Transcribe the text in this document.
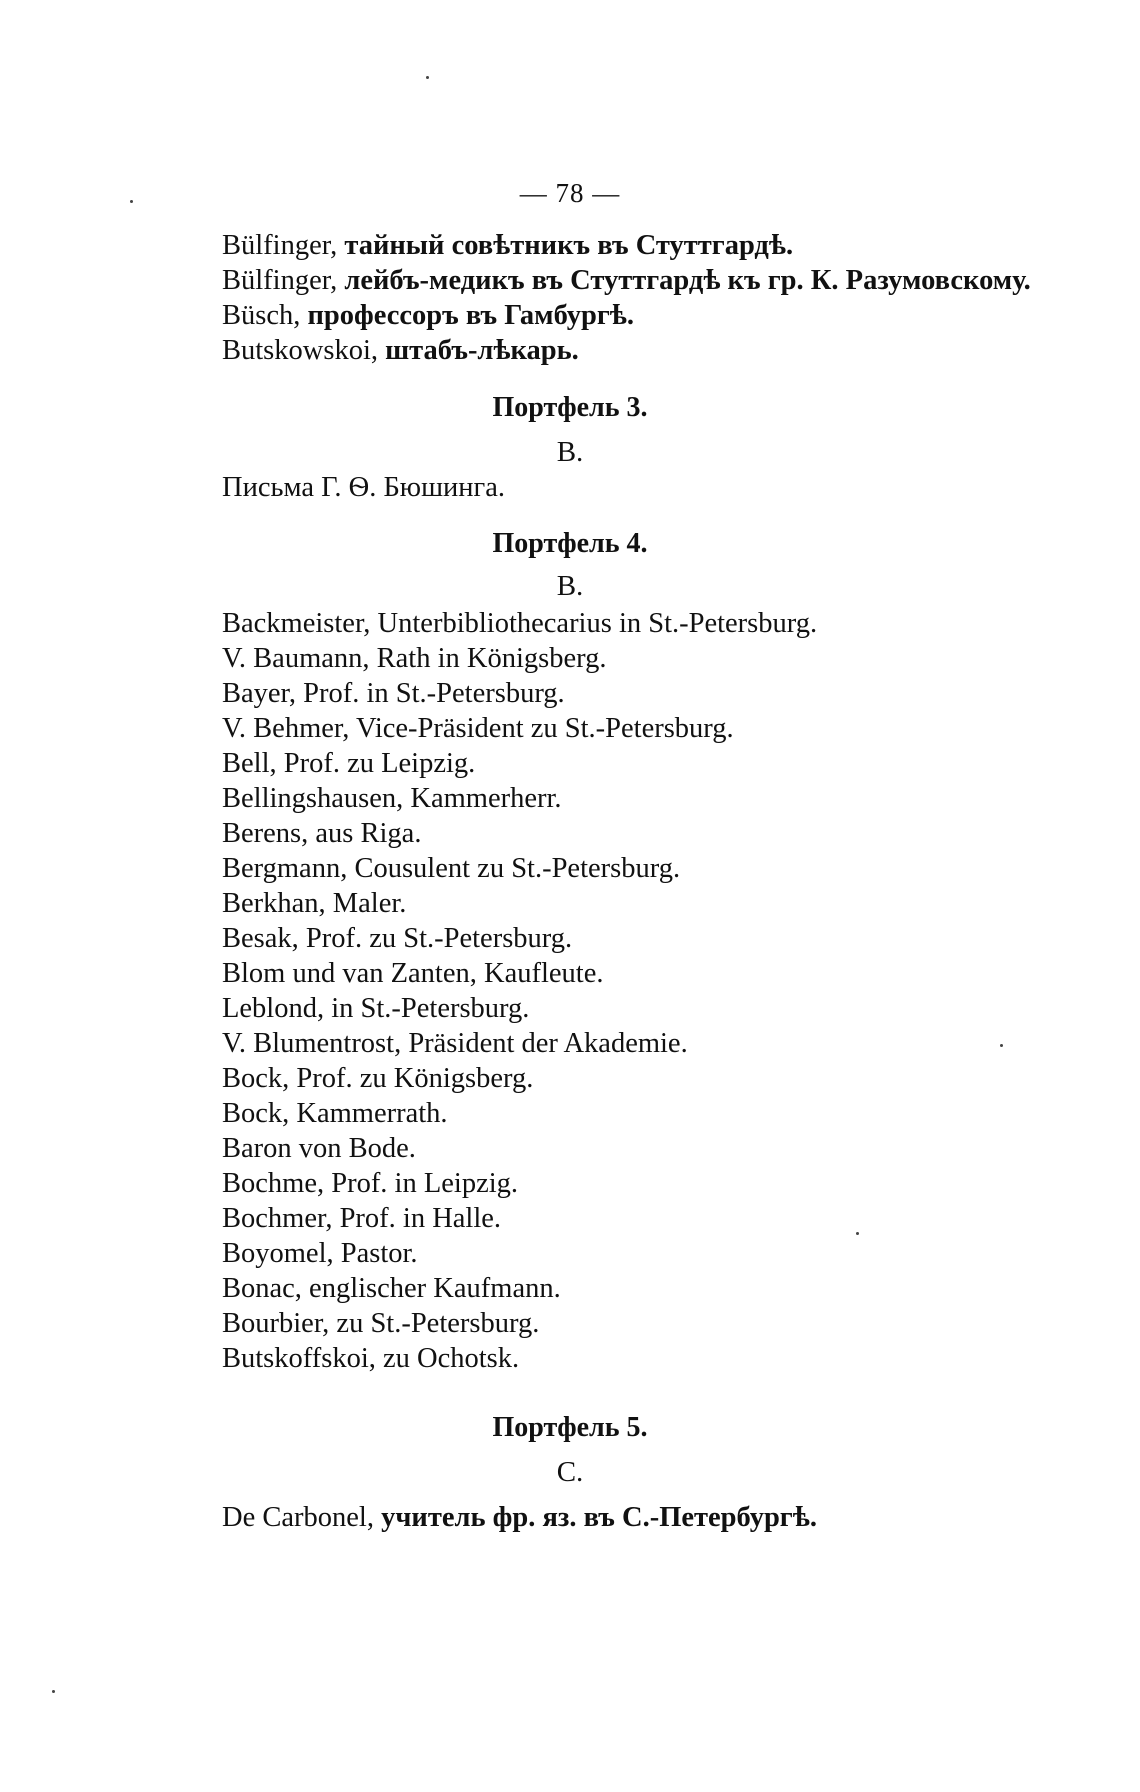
— 78 —
Bülfinger, тайный совѣтникъ въ Стуттгардѣ.
Bülfinger, лейбъ-медикъ въ Стуттгардѣ къ гр. К. Разумовскому.
Büsch, профессоръ въ Гамбургѣ.
Butskowskoi, штабъ-лѣкарь.
Портфель 3.
B.
Письма Г. Ѳ. Бюшинга.
Портфель 4.
B.
Backmeister, Unterbibliothecarius in St.-Petersburg.
V. Baumann, Rath in Königsberg.
Bayer, Prof. in St.-Petersburg.
V. Behmer, Vice-Präsident zu St.-Petersburg.
Bell, Prof. zu Leipzig.
Bellingshausen, Kammerherr.
Berens, aus Riga.
Bergmann, Cousulent zu St.-Petersburg.
Berkhan, Maler.
Besak, Prof. zu St.-Petersburg.
Blom und van Zanten, Kaufleute.
Leblond, in St.-Petersburg.
V. Blumentrost, Präsident der Akademie.
Bock, Prof. zu Königsberg.
Bock, Kammerrath.
Baron von Bode.
Bochme, Prof. in Leipzig.
Bochmer, Prof. in Halle.
Boyomel, Pastor.
Bonac, englischer Kaufmann.
Bourbier, zu St.-Petersburg.
Butskoffskoi, zu Ochotsk.
Портфель 5.
C.
De Carbonel, учитель фр. яз. въ С.-Петербургѣ.
